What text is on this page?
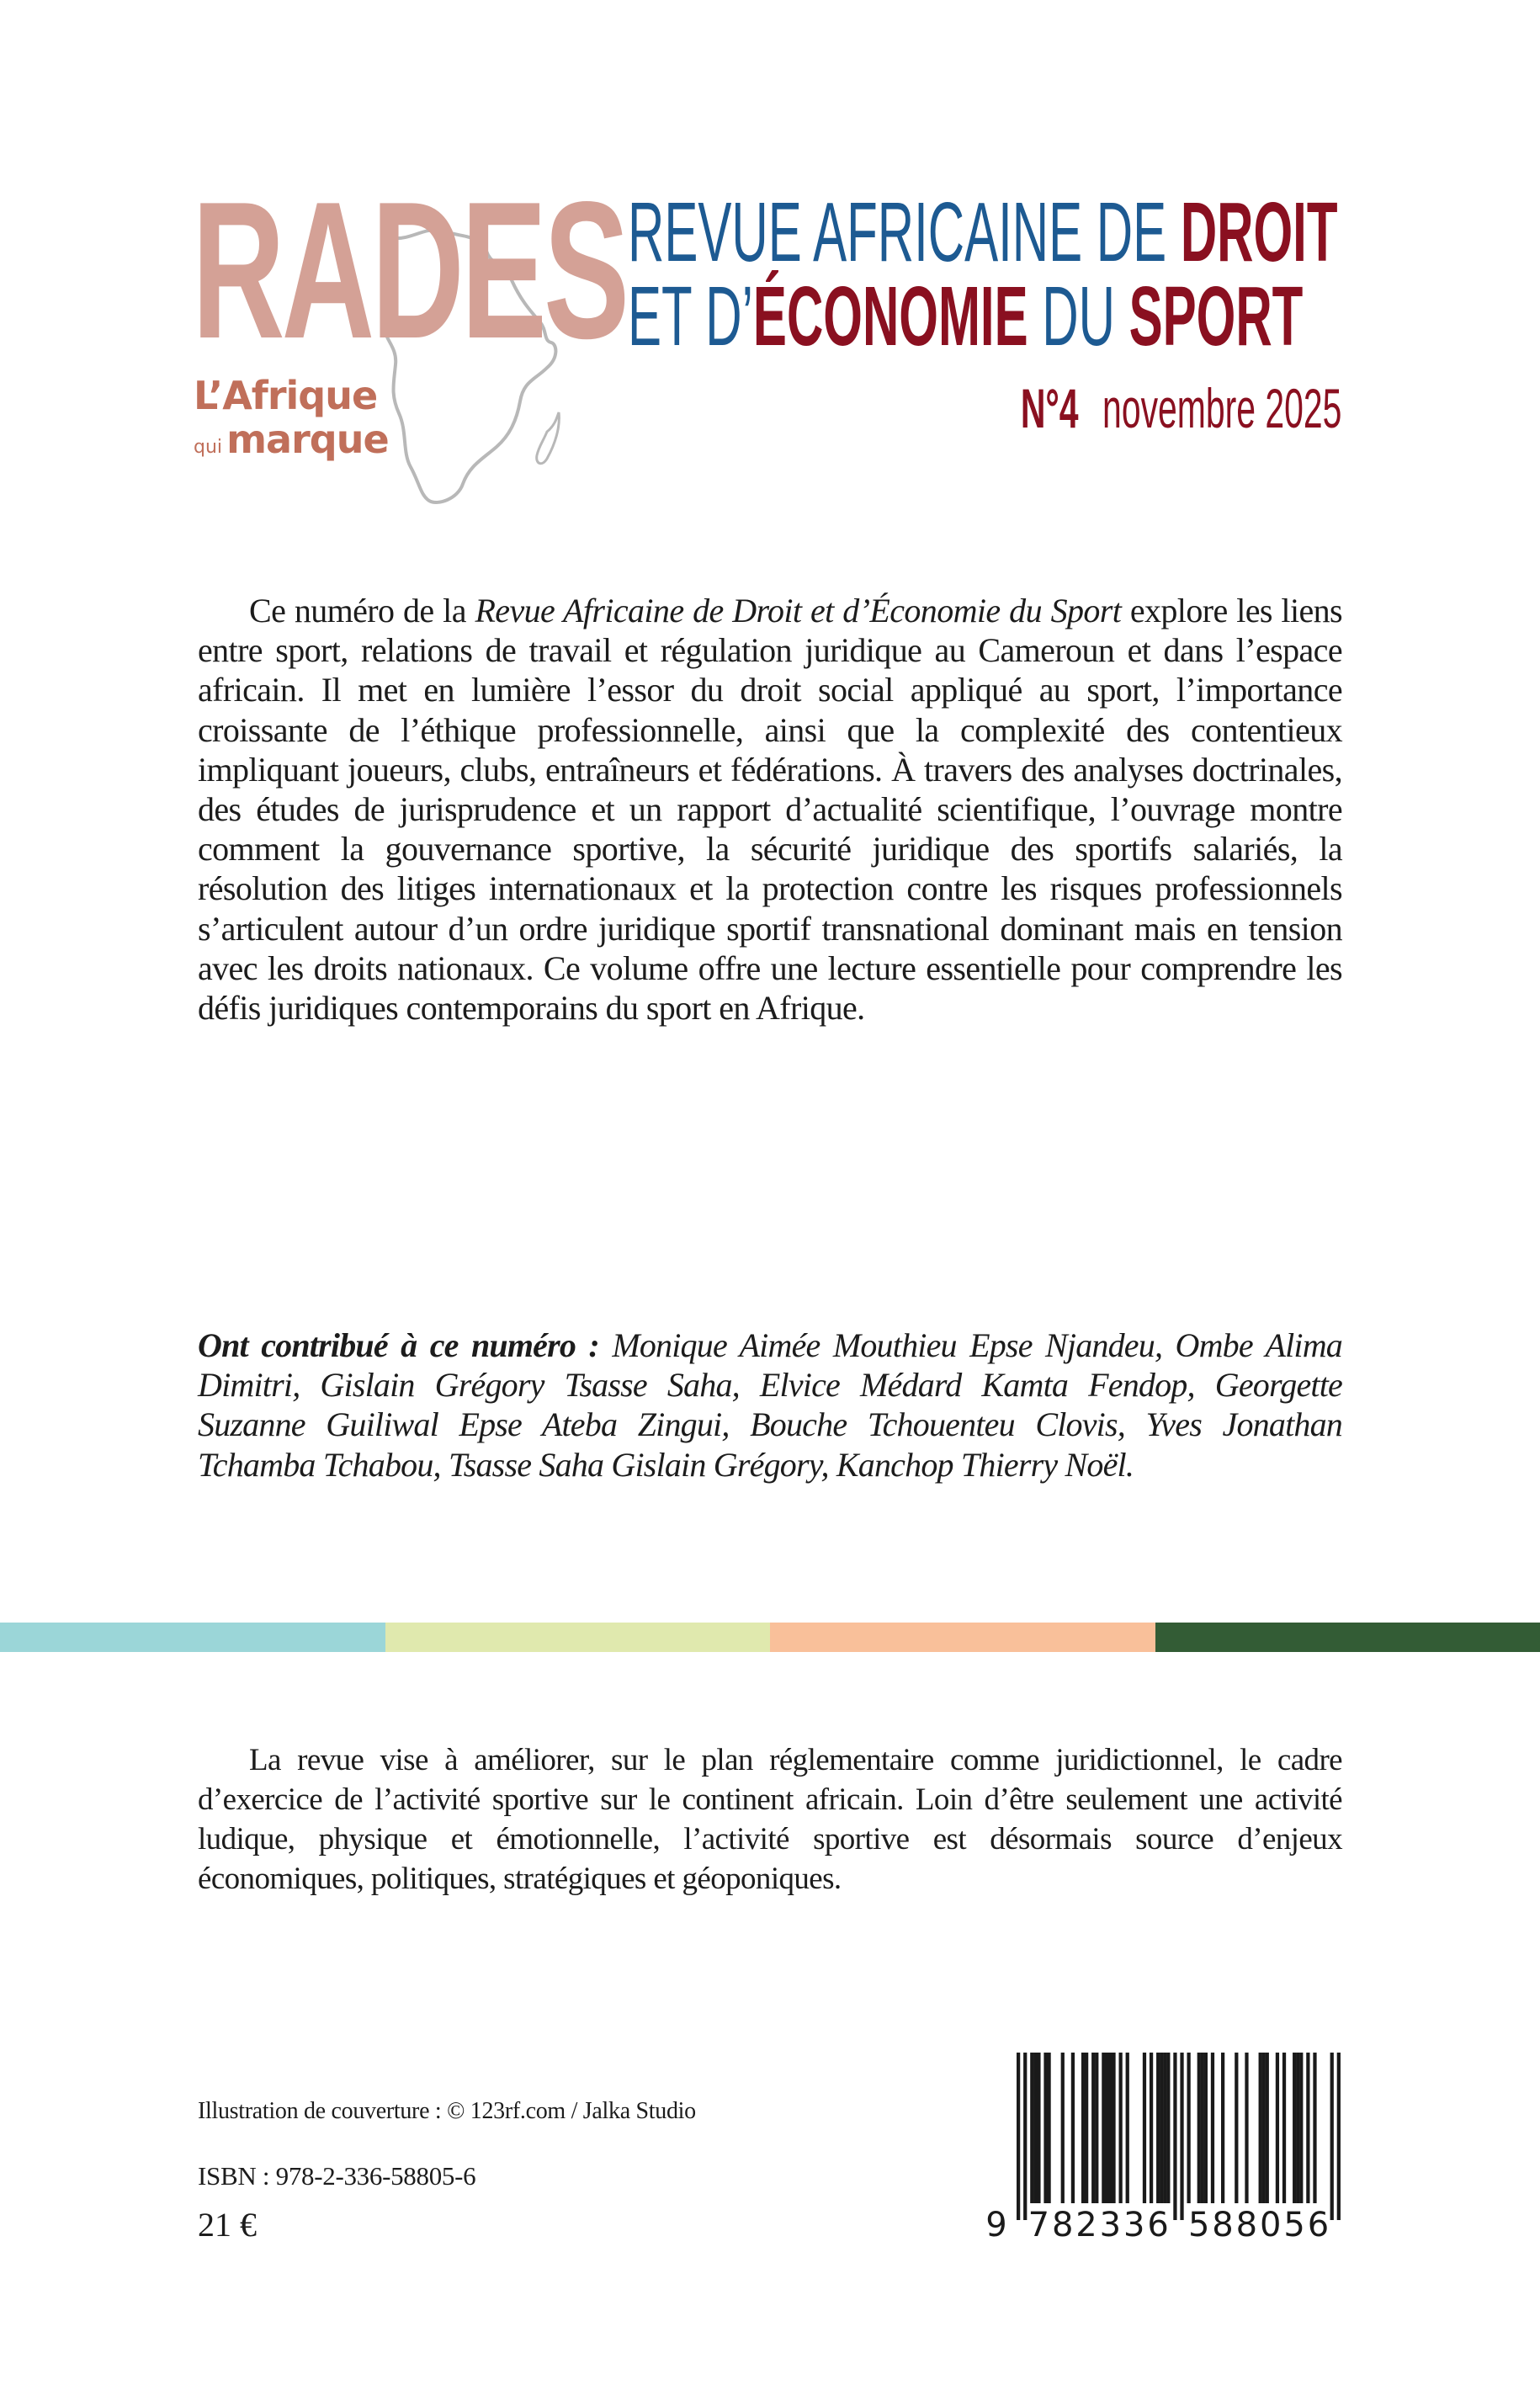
RADES
L’Afrique
qui marque
REVUE AFRICAINE DE DROIT
ET D’ÉCONOMIE DU SPORT
N°4 novembre 2025

Ce numéro de la Revue Africaine de Droit et d’Économie du Sport explore les liens entre sport, relations de travail et régulation juridique au Cameroun et dans l’espace africain. Il met en lumière l’essor du droit social appliqué au sport, l’importance croissante de l’éthique professionnelle, ainsi que la complexité des contentieux impliquant joueurs, clubs, entraîneurs et fédérations. À travers des analyses doctrinales, des études de jurisprudence et un rapport d’actualité scientifique, l’ouvrage montre comment la gouvernance sportive, la sécurité juridique des sportifs salariés, la résolution des litiges internationaux et la protection contre les risques professionnels s’articulent autour d’un ordre juridique sportif transnational dominant mais en tension avec les droits nationaux. Ce volume offre une lecture essentielle pour comprendre les défis juridiques contemporains du sport en Afrique.

Ont contribué à ce numéro : Monique Aimée Mouthieu Epse Njandeu, Ombe Alima Dimitri, Gislain Grégory Tsasse Saha, Elvice Médard Kamta Fendop, Georgette Suzanne Guiliwal Epse Ateba Zingui, Bouche Tchouenteu Clovis, Yves Jonathan Tchamba Tchabou, Tsasse Saha Gislain Grégory, Kanchop Thierry Noël.

La revue vise à améliorer, sur le plan réglementaire comme juridictionnel, le cadre d’exercice de l’activité sportive sur le continent africain. Loin d’être seulement une activité ludique, physique et émotionnelle, l’activité sportive est désormais source d’enjeux économiques, politiques, stratégiques et géoponiques.

Illustration de couverture : © 123rf.com / Jalka Studio
ISBN : 978-2-336-58805-6
21 €	9 7 8 2 3 3 6 5 8 8 0 5 6
